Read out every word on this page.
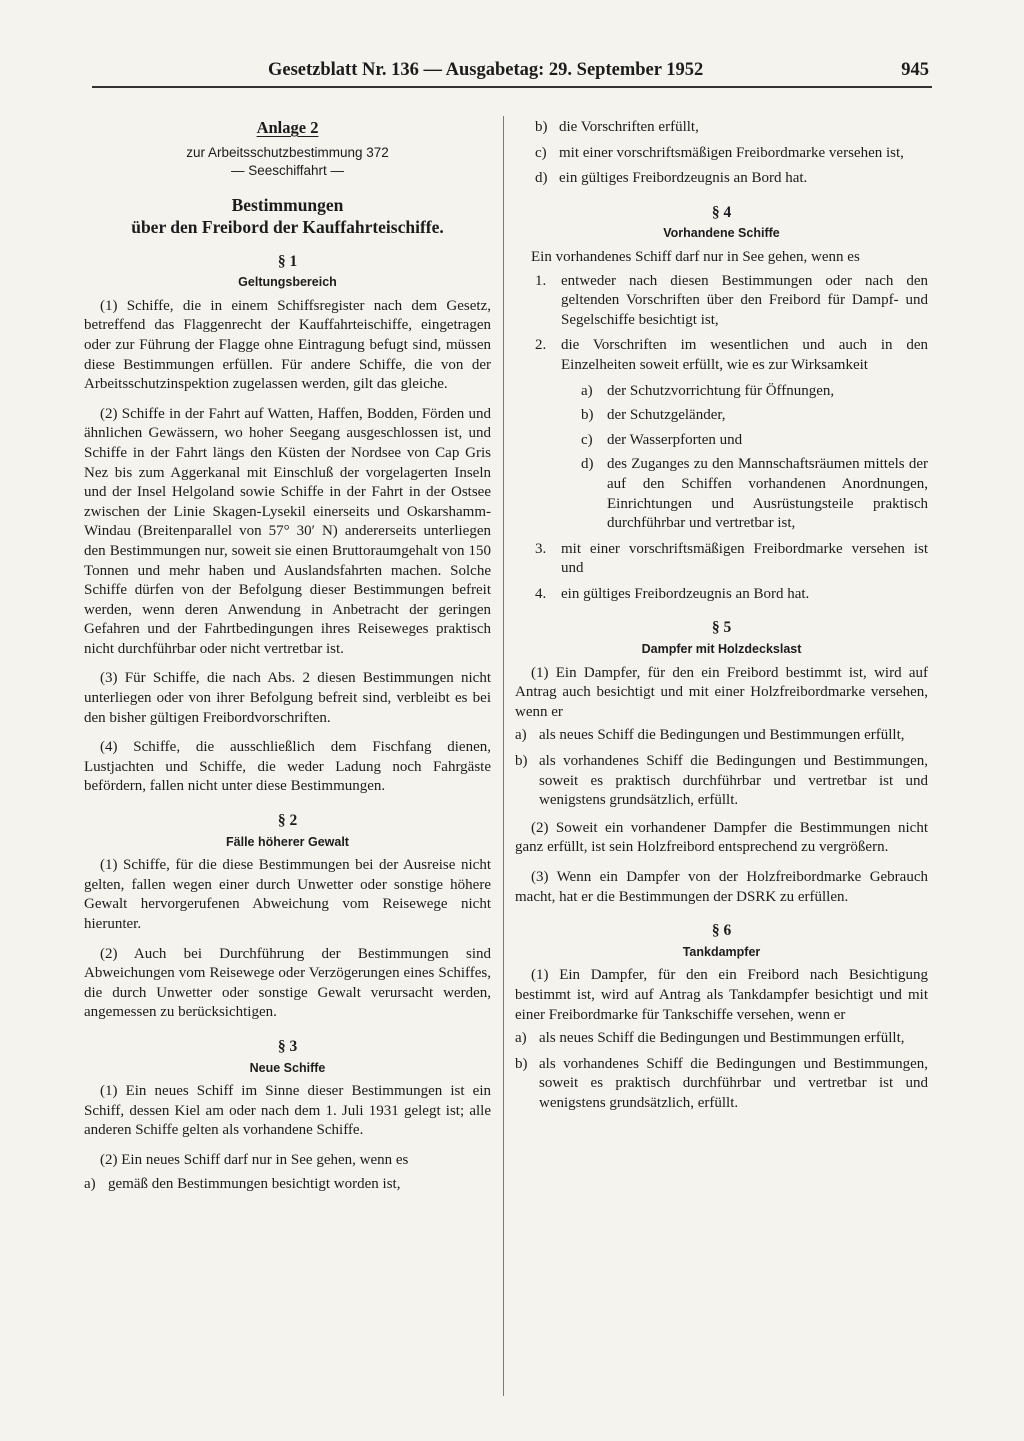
Gesetzblatt Nr. 136 — Ausgabetag: 29. September 1952	945

Anlage 2

zur Arbeitsschutzbestimmung 372

— Seeschiffahrt —

Bestimmungen
über den Freibord der Kauffahrteischiffe.
§ 1
Geltungsbereich

(1) Schiffe, die in einem Schiffsregister nach dem Gesetz, betreffend das Flaggenrecht der Kauffahrteischiffe, eingetragen oder zur Führung der Flagge ohne Eintragung befugt sind, müssen diese Bestimmungen erfüllen. Für andere Schiffe, die von der Arbeitsschutzinspektion zugelassen werden, gilt das gleiche.

(2) Schiffe in der Fahrt auf Watten, Haffen, Bodden, Förden und ähnlichen Gewässern, wo hoher Seegang ausgeschlossen ist, und Schiffe in der Fahrt längs den Küsten der Nordsee von Cap Gris Nez bis zum Aggerkanal mit Einschluß der vorgelagerten Inseln und der Insel Helgoland sowie Schiffe in der Fahrt in der Ostsee zwischen der Linie Skagen-Lysekil einerseits und Oskarshamm-Windau (Breitenparallel von 57° 30′ N) andererseits unterliegen den Bestimmungen nur, soweit sie einen Bruttoraumgehalt von 150 Tonnen und mehr haben und Auslandsfahrten machen. Solche Schiffe dürfen von der Befolgung dieser Bestimmungen befreit werden, wenn deren Anwendung in Anbetracht der geringen Gefahren und der Fahrtbedingungen ihres Reiseweges praktisch nicht durchführbar oder nicht vertretbar ist.

(3) Für Schiffe, die nach Abs. 2 diesen Bestimmungen nicht unterliegen oder von ihrer Befolgung befreit sind, verbleibt es bei den bisher gültigen Freibordvorschriften.

(4) Schiffe, die ausschließlich dem Fischfang dienen, Lustjachten und Schiffe, die weder Ladung noch Fahrgäste befördern, fallen nicht unter diese Bestimmungen.

§ 2
Fälle höherer Gewalt

(1) Schiffe, für die diese Bestimmungen bei der Ausreise nicht gelten, fallen wegen einer durch Unwetter oder sonstige höhere Gewalt hervorgerufenen Abweichung vom Reisewege nicht hierunter.

(2) Auch bei Durchführung der Bestimmungen sind Abweichungen vom Reisewege oder Verzögerungen eines Schiffes, die durch Unwetter oder sonstige Gewalt verursacht werden, angemessen zu berücksichtigen.

§ 3
Neue Schiffe

(1) Ein neues Schiff im Sinne dieser Bestimmungen ist ein Schiff, dessen Kiel am oder nach dem 1. Juli 1931 gelegt ist; alle anderen Schiffe gelten als vorhandene Schiffe.

(2) Ein neues Schiff darf nur in See gehen, wenn es

a) gemäß den Bestimmungen besichtigt worden ist,
b) die Vorschriften erfüllt,
c) mit einer vorschriftsmäßigen Freibordmarke versehen ist,
d) ein gültiges Freibordzeugnis an Bord hat.
§ 4
Vorhandene Schiffe

Ein vorhandenes Schiff darf nur in See gehen, wenn es

1. entweder nach diesen Bestimmungen oder nach den geltenden Vorschriften über den Freibord für Dampf- und Segelschiffe besichtigt ist,
2. die Vorschriften im wesentlichen und auch in den Einzelheiten soweit erfüllt, wie es zur Wirksamkeit
a) der Schutzvorrichtung für Öffnungen,
b) der Schutzgeländer,
c) der Wasserpforten und
d) des Zuganges zu den Mannschaftsräumen mittels der auf den Schiffen vorhandenen Anordnungen, Einrichtungen und Ausrüstungsteile praktisch durchführbar und vertretbar ist,
3. mit einer vorschriftsmäßigen Freibordmarke versehen ist und
4. ein gültiges Freibordzeugnis an Bord hat.
§ 5
Dampfer mit Holzdeckslast

(1) Ein Dampfer, für den ein Freibord bestimmt ist, wird auf Antrag auch besichtigt und mit einer Holzfreibordmarke versehen, wenn er

a) als neues Schiff die Bedingungen und Bestimmungen erfüllt,
b) als vorhandenes Schiff die Bedingungen und Bestimmungen, soweit es praktisch durchführbar und vertretbar ist und wenigstens grundsätzlich, erfüllt.

(2) Soweit ein vorhandener Dampfer die Bestimmungen nicht ganz erfüllt, ist sein Holzfreibord entsprechend zu vergrößern.

(3) Wenn ein Dampfer von der Holzfreibordmarke Gebrauch macht, hat er die Bestimmungen der DSRK zu erfüllen.

§ 6
Tankdampfer

(1) Ein Dampfer, für den ein Freibord nach Besichtigung bestimmt ist, wird auf Antrag als Tankdampfer besichtigt und mit einer Freibordmarke für Tankschiffe versehen, wenn er

a) als neues Schiff die Bedingungen und Bestimmungen erfüllt,
b) als vorhandenes Schiff die Bedingungen und Bestimmungen, soweit es praktisch durchführbar und vertretbar ist und wenigstens grundsätzlich, erfüllt.
